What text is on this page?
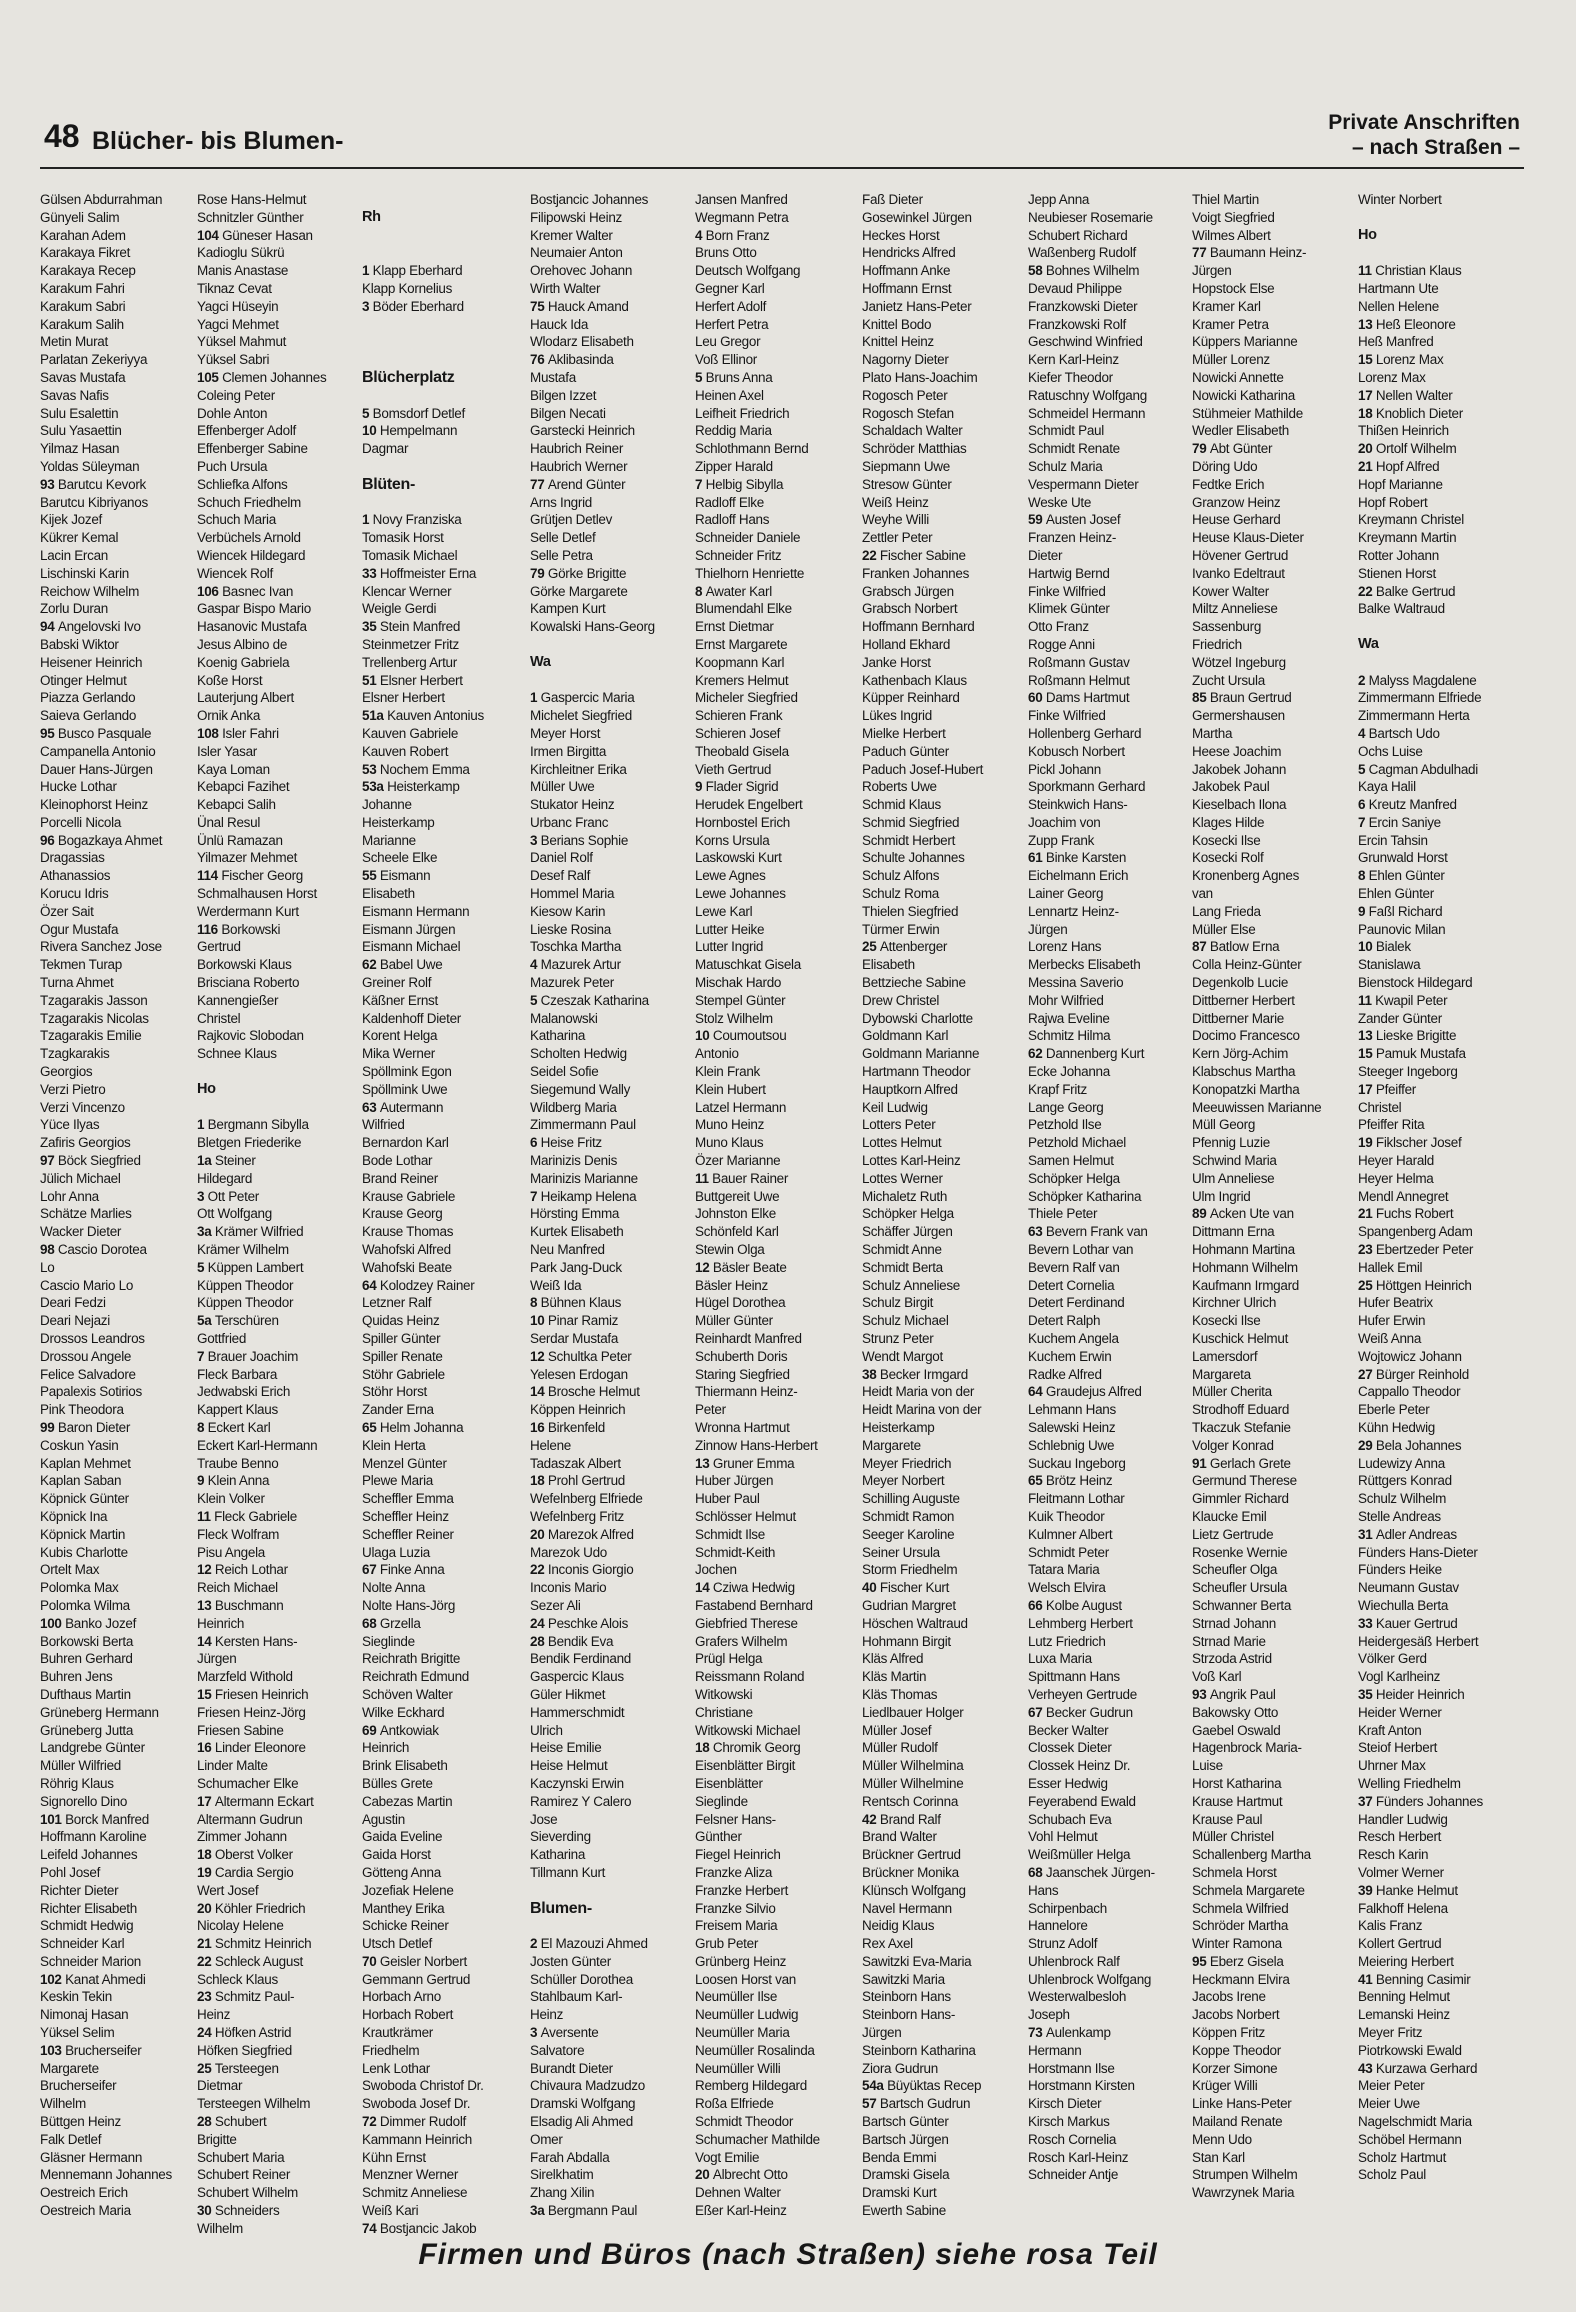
48 Blücher- bis Blumen-
Private Anschriften
– nach Straßen –
Gülsen Abdurrahman
Günyeli Salim
Karahan Adem
Karakaya Fikret
Karakaya Recep
Karakum Fahri
Karakum Sabri
Karakum Salih
Metin Murat
Parlatan Zekeriyya
Savas Mustafa
Savas Nafis
Sulu Esalettin
Sulu Yasaettin
Yilmaz Hasan
Yoldas Süleyman
93 Barutcu Kevork
Barutcu Kibriyanos
Kijek Jozef
Kükrer Kemal
Lacin Ercan
Lischinski Karin
Reichow Wilhelm
Zorlu Duran
94 Angelovski Ivo
Babski Wiktor
Heisener Heinrich
Otinger Helmut
Piazza Gerlando
Saieva Gerlando
95 Busco Pasquale
Campanella Antonio
Dauer Hans-Jürgen
Hucke Lothar
Kleinophorst Heinz
Porcelli Nicola
96 Bogazkaya Ahmet
Dragassias
Athanassios
Korucu Idris
Özer Sait
Ogur Mustafa
Rivera Sanchez Jose
Tekmen Turap
Turna Ahmet
Tzagarakis Jasson
Tzagarakis Nicolas
Tzagarakis Emilie
Tzagkarakis
Georgios
Verzi Pietro
Verzi Vincenzo
Yüce Ilyas
Zafiris Georgios
97 Böck Siegfried
Jülich Michael
Lohr Anna
Schätze Marlies
Wacker Dieter
98 Cascio Dorotea
Lo
Cascio Mario Lo
Deari Fedzi
Deari Nejazi
Drossos Leandros
Drossou Angele
Felice Salvadore
Papalexis Sotirios
Pink Theodora
99 Baron Dieter
Coskun Yasin
Kaplan Mehmet
Kaplan Saban
Köpnick Günter
Köpnick Ina
Köpnick Martin
Kubis Charlotte
Ortelt Max
Polomka Max
Polomka Wilma
100 Banko Jozef
Borkowski Berta
Buhren Gerhard
Buhren Jens
Dufthaus Martin
Grüneberg Hermann
Grüneberg Jutta
Landgrebe Günter
Müller Wilfried
Röhrig Klaus
Signorello Dino
101 Borck Manfred
Hoffmann Karoline
Leifeld Johannes
Pohl Josef
Richter Dieter
Richter Elisabeth
Schmidt Hedwig
Schneider Karl
Schneider Marion
102 Kanat Ahmedi
Keskin Tekin
Nimonaj Hasan
Yüksel Selim
103 Brucherseifer
Margarete
Brucherseifer
Wilhelm
Büttgen Heinz
Falk Detlef
Gläsner Hermann
Mennemann Johannes
Oestreich Erich
Oestreich Maria
Rose Hans-Helmut
Schnitzler Günther
104 Güneser Hasan
Kadioglu Sükrü
Manis Anastase
Tiknaz Cevat
Yagci Hüseyin
Yagci Mehmet
Yüksel Mahmut
Yüksel Sabri
105 Clemen Johannes
Coleing Peter
Dohle Anton
Effenberger Adolf
Effenberger Sabine
Puch Ursula
Schliefka Alfons
Schuch Friedhelm
Schuch Maria
Verbüchels Arnold
Wiencek Hildegard
Wiencek Rolf
106 Basnec Ivan
Gaspar Bispo Mario
Hasanovic Mustafa
Jesus Albino de
Koenig Gabriela
Koße Horst
Lauterjung Albert
Ornik Anka
108 Isler Fahri
Isler Yasar
Kaya Loman
Kebapci Fazihet
Kebapci Salih
Ünal Resul
Ünlü Ramazan
Yilmazer Mehmet
114 Fischer Georg
Schmalhausen Horst
Werdermann Kurt
116 Borkowski
Gertrud
Borkowski Klaus
Brisciana Roberto
Kannengießer
Christel
Rajkovic Slobodan
Schnee Klaus

Ho

1 Bergmann Sibylla
Bletgen Friederike
1a Steiner
Hildegard
3 Ott Peter
Ott Wolfgang
3a Krämer Wilfried
Krämer Wilhelm
5 Küppen Lambert
Küppen Theodor
Küppen Theodor
5a Terschüren
Gottfried
7 Brauer Joachim
Fleck Barbara
Jedwabski Erich
Kappert Klaus
8 Eckert Karl
Eckert Karl-Hermann
Traube Benno
9 Klein Anna
Klein Volker
11 Fleck Gabriele
Fleck Wolfram
Pisu Angela
12 Reich Lothar
Reich Michael
13 Buschmann
Heinrich
14 Kersten Hans-
Jürgen
Marzfeld Withold
15 Friesen Heinrich
Friesen Heinz-Jörg
Friesen Sabine
16 Linder Eleonore
Linder Malte
Schumacher Elke
17 Altermann Eckart
Altermann Gudrun
Zimmer Johann
18 Oberst Volker
19 Cardia Sergio
Wert Josef
20 Köhler Friedrich
Nicolay Helene
21 Schmitz Heinrich
22 Schleck August
Schleck Klaus
23 Schmitz Paul-
Heinz
24 Höfken Astrid
Höfken Siegfried
25 Tersteegen
Dietmar
Tersteegen Wilhelm
28 Schubert
Brigitte
Schubert Maria
Schubert Reiner
Schubert Wilhelm
30 Schneiders
Wilhelm

Rh

1 Klapp Eberhard
Klapp Kornelius
3 Böder Eberhard

Blücherplatz

5 Bomsdorf Detlef
10 Hempelmann
Dagmar

Blüten-

1 Novy Franziska
Tomasik Horst
Tomasik Michael
33 Hoffmeister Erna
Klencar Werner
Weigle Gerdi
35 Stein Manfred
Steinmetzer Fritz
Trellenberg Artur
51 Elsner Herbert
Elsner Herbert
51a Kauven Antonius
Kauven Gabriele
Kauven Robert
53 Nochem Emma
53a Heisterkamp
Johanne
Heisterkamp
Marianne
Scheele Elke
55 Eismann
Elisabeth
Eismann Hermann
Eismann Jürgen
Eismann Michael
62 Babel Uwe
Greiner Rolf
Käßner Ernst
Kaldenhoff Dieter
Korent Helga
Mika Werner
Spöllmink Egon
Spöllmink Uwe
63 Autermann
Wilfried
Bernardon Karl
Bode Lothar
Brand Reiner
Krause Gabriele
Krause Georg
Krause Thomas
Wahofski Alfred
Wahofski Beate
64 Kolodzey Rainer
Letzner Ralf
Quidas Heinz
Spiller Günter
Spiller Renate
Stöhr Gabriele
Stöhr Horst
Zander Erna
65 Helm Johanna
Klein Herta
Menzel Günter
Plewe Maria
Scheffler Emma
Scheffler Heinz
Scheffler Reiner
Ulaga Luzia
67 Finke Anna
Nolte Anna
Nolte Hans-Jörg
68 Grzella
Sieglinde
Reichrath Brigitte
Reichrath Edmund
Schöven Walter
Wilke Eckhard
69 Antkowiak
Heinrich
Brink Elisabeth
Bülles Grete
Cabezas Martin
Agustin
Gaida Eveline
Gaida Horst
Götteng Anna
Jozefiak Helene
Manthey Erika
Schicke Reiner
Utsch Detlef
70 Geisler Norbert
Gemmann Gertrud
Horbach Arno
Horbach Robert
Krautkrämer
Friedhelm
Lenk Lothar
Swoboda Christof Dr.
Swoboda Josef Dr.
72 Dimmer Rudolf
Kammann Heinrich
Kühn Ernst
Menzner Werner
Schmitz Anneliese
Weiß Kari
74 Bostjancic Jakob
Bostjancic Johannes
Filipowski Heinz
Kremer Walter
Neumaier Anton
Orehovec Johann
Wirth Walter
75 Hauck Amand
Hauck Ida
Wlodarz Elisabeth
76 Aklibasinda
Mustafa
Bilgen Izzet
Bilgen Necati
Garstecki Heinrich
Haubrich Reiner
Haubrich Werner
77 Arend Günter
Arns Ingrid
Grütjen Detlev
Selle Detlef
Selle Petra
79 Görke Brigitte
Görke Margarete
Kampen Kurt
Kowalski Hans-Georg

Wa

1 Gaspercic Maria
Michelet Siegfried
Meyer Horst
Irmen Birgitta
Kirchleitner Erika
Müller Uwe
Stukator Heinz
Urbanc Franc
3 Berians Sophie
Daniel Rolf
Desef Ralf
Hommel Maria
Kiesow Karin
Lieske Rosina
Toschka Martha
4 Mazurek Artur
Mazurek Peter
5 Czeszak Katharina
Malanowski
Katharina
Scholten Hedwig
Seidel Sofie
Siegemund Wally
Wildberg Maria
Zimmermann Paul
6 Heise Fritz
Marinizis Denis
Marinizis Marianne
7 Heikamp Helena
Hörsting Emma
Kurtek Elisabeth
Neu Manfred
Park Jang-Duck
Weiß Ida
8 Bühnen Klaus
10 Pinar Ramiz
Serdar Mustafa
12 Schultka Peter
Yelesen Erdogan
14 Brosche Helmut
Köppen Heinrich
16 Birkenfeld
Helene
Tadaszak Albert
18 Prohl Gertrud
Wefelnberg Elfriede
Wefelnberg Fritz
20 Marezok Alfred
Marezok Udo
22 Inconis Giorgio
Inconis Mario
Sezer Ali
24 Peschke Alois
28 Bendik Eva
Bendik Ferdinand
Gaspercic Klaus
Güler Hikmet
Hammerschmidt
Ulrich
Heise Emilie
Heise Helmut
Kaczynski Erwin
Ramirez Y Calero
Jose
Sieverding
Katharina
Tillmann Kurt

Blumen-

2 El Mazouzi Ahmed
Josten Günter
Schüller Dorothea
Stahlbaum Karl-
Heinz
3 Aversente
Salvatore
Burandt Dieter
Chivaura Madzudzo
Dramski Wolfgang
Elsadig Ali Ahmed
Omer
Farah Abdalla
Sirelkhatim
Zhang Xilin
3a Bergmann Paul
Jansen Manfred
Wegmann Petra
4 Born Franz
Bruns Otto
Deutsch Wolfgang
Gegner Karl
Herfert Adolf
Herfert Petra
Leu Gregor
Voß Ellinor
5 Bruns Anna
Heinen Axel
Leifheit Friedrich
Reddig Maria
Schlothmann Bernd
Zipper Harald
7 Helbig Sibylla
Radloff Elke
Radloff Hans
Schneider Daniele
Schneider Fritz
Thielhorn Henriette
8 Awater Karl
Blumendahl Elke
Ernst Dietmar
Ernst Margarete
Koopmann Karl
Kremers Helmut
Micheler Siegfried
Schieren Frank
Schieren Josef
Theobald Gisela
Vieth Gertrud
9 Flader Sigrid
Herudek Engelbert
Hornbostel Erich
Korns Ursula
Laskowski Kurt
Lewe Agnes
Lewe Johannes
Lewe Karl
Lutter Heike
Lutter Ingrid
Matuschkat Gisela
Mischak Hardo
Stempel Günter
Stolz Wilhelm
10 Coumoutsou
Antonio
Klein Frank
Klein Hubert
Latzel Hermann
Muno Heinz
Muno Klaus
Özer Marianne
11 Bauer Rainer
Buttgereit Uwe
Johnston Elke
Schönfeld Karl
Stewin Olga
12 Bäsler Beate
Bäsler Heinz
Hügel Dorothea
Müller Günter
Reinhardt Manfred
Schuberth Doris
Staring Siegfried
Thiermann Heinz-
Peter
Wronna Hartmut
Zinnow Hans-Herbert
13 Gruner Emma
Huber Jürgen
Huber Paul
Schlösser Helmut
Schmidt Ilse
Schmidt-Keith
Jochen
14 Cziwa Hedwig
Fastabend Bernhard
Giebfried Therese
Grafers Wilhelm
Prügl Helga
Reissmann Roland
Witkowski
Christiane
Witkowski Michael
18 Chromik Georg
Eisenblätter Birgit
Eisenblätter
Sieglinde
Felsner Hans-
Günther
Fiegel Heinrich
Franzke Aliza
Franzke Herbert
Franzke Silvio
Freisem Maria
Grub Peter
Grünberg Heinz
Loosen Horst van
Neumüller Ilse
Neumüller Ludwig
Neumüller Maria
Neumüller Rosalinda
Neumüller Willi
Remberg Hildegard
Roßa Elfriede
Schmidt Theodor
Schumacher Mathilde
Vogt Emilie
20 Albrecht Otto
Dehnen Walter
Eßer Karl-Heinz
Faß Dieter
Gosewinkel Jürgen
Heckes Horst
Hendricks Alfred
Hoffmann Anke
Hoffmann Ernst
Janietz Hans-Peter
Knittel Bodo
Knittel Heinz
Nagorny Dieter
Plato Hans-Joachim
Rogosch Peter
Rogosch Stefan
Schaldach Walter
Schröder Matthias
Siepmann Uwe
Stresow Günter
Weiß Heinz
Weyhe Willi
Zettler Peter
22 Fischer Sabine
Franken Johannes
Grabsch Jürgen
Grabsch Norbert
Hoffmann Bernhard
Holland Ekhard
Janke Horst
Kathenbach Klaus
Küpper Reinhard
Lükes Ingrid
Mielke Herbert
Paduch Günter
Paduch Josef-Hubert
Roberts Uwe
Schmid Klaus
Schmid Siegfried
Schmidt Herbert
Schulte Johannes
Schulz Alfons
Schulz Roma
Thielen Siegfried
Türmer Erwin
25 Attenberger
Elisabeth
Bettzieche Sabine
Drew Christel
Dybowski Charlotte
Goldmann Karl
Goldmann Marianne
Hartmann Theodor
Hauptkorn Alfred
Keil Ludwig
Lotters Peter
Lottes Helmut
Lottes Karl-Heinz
Lottes Werner
Michaletz Ruth
Schöpker Helga
Schäffer Jürgen
Schmidt Anne
Schmidt Berta
Schulz Anneliese
Schulz Birgit
Schulz Michael
Strunz Peter
Wendt Margot
38 Becker Irmgard
Heidt Maria von der
Heidt Marina von der
Heisterkamp
Margarete
Meyer Friedrich
Meyer Norbert
Schilling Auguste
Schmidt Ramon
Seeger Karoline
Seiner Ursula
Storm Friedhelm
40 Fischer Kurt
Gudrian Margret
Höschen Waltraud
Hohmann Birgit
Kläs Alfred
Kläs Martin
Kläs Thomas
Liedlbauer Holger
Müller Josef
Müller Rudolf
Müller Wilhelmina
Müller Wilhelmine
Rentsch Corinna
42 Brand Ralf
Brand Walter
Brückner Gertrud
Brückner Monika
Klünsch Wolfgang
Navel Hermann
Neidig Klaus
Rex Axel
Sawitzki Eva-Maria
Sawitzki Maria
Steinborn Hans
Steinborn Hans-
Jürgen
Steinborn Katharina
Ziora Gudrun
54a Büyüktas Recep
57 Bartsch Gudrun
Bartsch Günter
Bartsch Jürgen
Benda Emmi
Dramski Gisela
Dramski Kurt
Ewerth Sabine
Jepp Anna
Neubieser Rosemarie
Schubert Richard
Waßenberg Rudolf
58 Bohnes Wilhelm
Devaud Philippe
Franzkowski Dieter
Franzkowski Rolf
Geschwind Winfried
Kern Karl-Heinz
Kiefer Theodor
Ratuschny Wolfgang
Schmeidel Hermann
Schmidt Paul
Schmidt Renate
Schulz Maria
Vespermann Dieter
Weske Ute
59 Austen Josef
Franzen Heinz-
Dieter
Hartwig Bernd
Finke Wilfried
Klimek Günter
Otto Franz
Rogge Anni
Roßmann Gustav
Roßmann Helmut
60 Dams Hartmut
Finke Wilfried
Hollenberg Gerhard
Kobusch Norbert
Pickl Johann
Sporkmann Gerhard
Steinkwich Hans-
Joachim von
Zupp Frank
61 Binke Karsten
Eichelmann Erich
Lainer Georg
Lennartz Heinz-
Jürgen
Lorenz Hans
Merbecks Elisabeth
Messina Saverio
Mohr Wilfried
Rajwa Eveline
Schmitz Hilma
62 Dannenberg Kurt
Ecke Johanna
Krapf Fritz
Lange Georg
Petzhold Ilse
Petzhold Michael
Samen Helmut
Schöpker Helga
Schöpker Katharina
Thiele Peter
63 Bevern Frank van
Bevern Lothar van
Bevern Ralf van
Detert Cornelia
Detert Ferdinand
Detert Ralph
Kuchem Angela
Kuchem Erwin
Radke Alfred
64 Graudejus Alfred
Lehmann Hans
Salewski Heinz
Schlebnig Uwe
Suckau Ingeborg
65 Brötz Heinz
Fleitmann Lothar
Kuik Theodor
Kulmner Albert
Schmidt Peter
Tatara Maria
Welsch Elvira
66 Kolbe August
Lehmberg Herbert
Lutz Friedrich
Luxa Maria
Spittmann Hans
Verheyen Gertrude
67 Becker Gudrun
Becker Walter
Clossek Dieter
Clossek Heinz Dr.
Esser Hedwig
Feyerabend Ewald
Schubach Eva
Vohl Helmut
Weißmüller Helga
68 Jaanschek Jürgen-
Hans
Schirpenbach
Hannelore
Strunz Adolf
Uhlenbrock Ralf
Uhlenbrock Wolfgang
Westerwalbesloh
Joseph
73 Aulenkamp
Hermann
Horstmann Ilse
Horstmann Kirsten
Kirsch Dieter
Kirsch Markus
Rosch Cornelia
Rosch Karl-Heinz
Schneider Antje
Thiel Martin
Voigt Siegfried
Wilmes Albert
77 Baumann Heinz-
Jürgen
Hopstock Else
Kramer Karl
Kramer Petra
Küppers Marianne
Müller Lorenz
Nowicki Annette
Nowicki Katharina
Stühmeier Mathilde
Wedler Elisabeth
79 Abt Günter
Döring Udo
Fedtke Erich
Granzow Heinz
Heuse Gerhard
Heuse Klaus-Dieter
Hövener Gertrud
Ivanko Edeltraut
Kower Walter
Miltz Anneliese
Sassenburg
Friedrich
Wötzel Ingeburg
Zucht Ursula
85 Braun Gertrud
Germershausen
Martha
Heese Joachim
Jakobek Johann
Jakobek Paul
Kieselbach Ilona
Klages Hilde
Kosecki Ilse
Kosecki Rolf
Kronenberg Agnes
van
Lang Frieda
Müller Else
87 Batlow Erna
Colla Heinz-Günter
Degenkolb Lucie
Dittberner Herbert
Dittberner Marie
Docimo Francesco
Kern Jörg-Achim
Klabschus Martha
Konopatzki Martha
Meeuwissen Marianne
Müll Georg
Pfennig Luzie
Schwind Maria
Ulm Anneliese
Ulm Ingrid
89 Acken Ute van
Dittmann Erna
Hohmann Martina
Hohmann Wilhelm
Kaufmann Irmgard
Kirchner Ulrich
Kosecki Ilse
Kuschick Helmut
Lamersdorf
Margareta
Müller Cherita
Strodhoff Eduard
Tkaczuk Stefanie
Volger Konrad
91 Gerlach Grete
Germund Therese
Gimmler Richard
Klaucke Emil
Lietz Gertrude
Rosenke Wernie
Scheufler Olga
Scheufler Ursula
Schwanner Berta
Strnad Johann
Strnad Marie
Strzoda Astrid
Voß Karl
93 Angrik Paul
Bakowsky Otto
Gaebel Oswald
Hagenbrock Maria-
Luise
Horst Katharina
Krause Hartmut
Krause Paul
Müller Christel
Schallenberg Martha
Schmela Horst
Schmela Margarete
Schmela Wilfried
Schröder Martha
Winter Ramona
95 Eberz Gisela
Heckmann Elvira
Jacobs Irene
Jacobs Norbert
Köppen Fritz
Koppe Theodor
Korzer Simone
Krüger Willi
Linke Hans-Peter
Mailand Renate
Menn Udo
Stan Karl
Strumpen Wilhelm
Wawrzynek Maria
Winter Norbert

Ho

11 Christian Klaus
Hartmann Ute
Nellen Helene
13 Heß Eleonore
Heß Manfred
15 Lorenz Max
Lorenz Max
17 Nellen Walter
18 Knoblich Dieter
Thißen Heinrich
20 Ortolf Wilhelm
21 Hopf Alfred
Hopf Marianne
Hopf Robert
Kreymann Christel
Kreymann Martin
Rotter Johann
Stienen Horst
22 Balke Gertrud
Balke Waltraud

Wa

2 Malyss Magdalene
Zimmermann Elfriede
Zimmermann Herta
4 Bartsch Udo
Ochs Luise
5 Cagman Abdulhadi
Kaya Halil
6 Kreutz Manfred
7 Ercin Saniye
Ercin Tahsin
Grunwald Horst
8 Ehlen Günter
Ehlen Günter
9 Faßl Richard
Paunovic Milan
10 Bialek
Stanislawa
Bienstock Hildegard
11 Kwapil Peter
Zander Günter
13 Lieske Brigitte
15 Pamuk Mustafa
Steeger Ingeborg
17 Pfeiffer
Christel
Pfeiffer Rita
19 Fiklscher Josef
Heyer Harald
Heyer Helma
Mendl Annegret
21 Fuchs Robert
Spangenberg Adam
23 Ebertzeder Peter
Hallek Emil
25 Höttgen Heinrich
Hufer Beatrix
Hufer Erwin
Weiß Anna
Wojtowicz Johann
27 Bürger Reinhold
Cappallo Theodor
Eberle Peter
Kühn Hedwig
29 Bela Johannes
Ludewizy Anna
Rüttgers Konrad
Schulz Wilhelm
Stelle Andreas
31 Adler Andreas
Fünders Hans-Dieter
Fünders Heike
Neumann Gustav
Wiechulla Berta
33 Kauer Gertrud
Heidergesäß Herbert
Völker Gerd
Vogl Karlheinz
35 Heider Heinrich
Heider Werner
Kraft Anton
Steiof Herbert
Uhrner Max
Welling Friedhelm
37 Fünders Johannes
Handler Ludwig
Resch Herbert
Resch Karin
Volmer Werner
39 Hanke Helmut
Falkhoff Helena
Kalis Franz
Kollert Gertrud
Meiering Herbert
41 Benning Casimir
Benning Helmut
Lemanski Heinz
Meyer Fritz
Piotrkowski Ewald
43 Kurzawa Gerhard
Meier Peter
Meier Uwe
Nagelschmidt Maria
Schöbel Hermann
Scholz Hartmut
Scholz Paul
Firmen und Büros (nach Straßen) siehe rosa Teil
